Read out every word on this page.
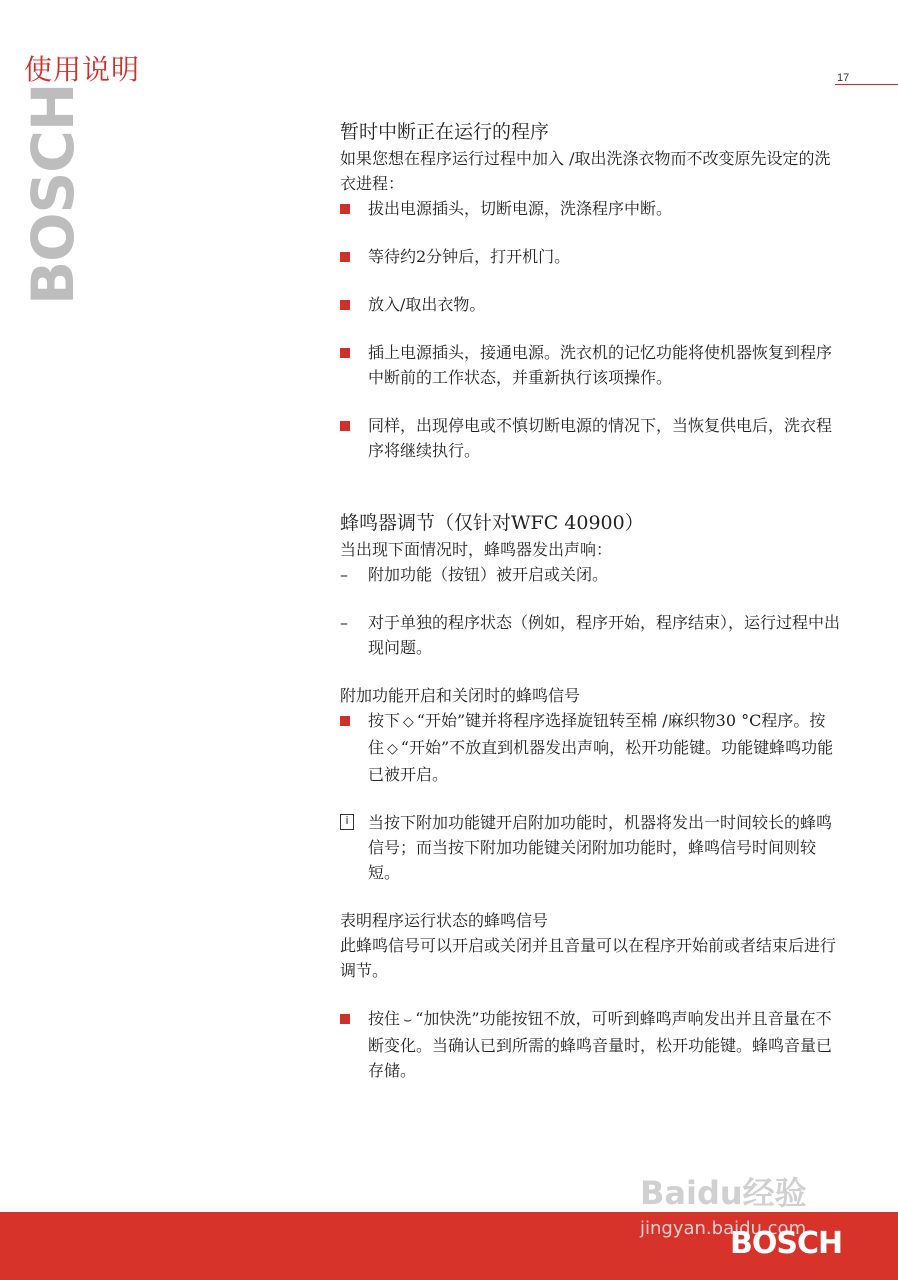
使用说明	17
BOSCH	暂时中断正在运行的程序
如果您想在程序运行过程中加入 /取出洗涤衣物而不改变原先设定的洗衣进程：
拔出电源插头，切断电源，洗涤程序中断。
等待约2分钟后，打开机门。
放入/取出衣物。
插上电源插头，接通电源。洗衣机的记忆功能将使机器恢复到程序中断前的工作状态，并重新执行该项操作。
同样，出现停电或不慎切断电源的情况下，当恢复供电后，洗衣程序将继续执行。
蜂鸣器调节（仅针对WFC 40900）
当出现下面情况时，蜂鸣器发出声响：
– 附加功能（按钮）被开启或关闭。
– 对于单独的程序状态（例如，程序开始，程序结束），运行过程中出现问题。
附加功能开启和关闭时的蜂鸣信号
按下 ◇ “开始”键并将程序选择旋钮转至棉 /麻织物30 °C程序。按住 ◇ “开始”不放直到机器发出声响，松开功能键。功能键蜂鸣功能已被开启。
i	当按下附加功能键开启附加功能时，机器将发出一时间较长的蜂鸣信号；而当按下附加功能键关闭附加功能时，蜂鸣信号时间则较短。
表明程序运行状态的蜂鸣信号
此蜂鸣信号可以开启或关闭并且音量可以在程序开始前或者结束后进行调节。
按住 ⌣ “加快洗”功能按钮不放，可听到蜂鸣声响发出并且音量在不断变化。当确认已到所需的蜂鸣音量时，松开功能键。蜂鸣音量已存储。
Baidu经验
jingyan.baidu.com
BOSCH
